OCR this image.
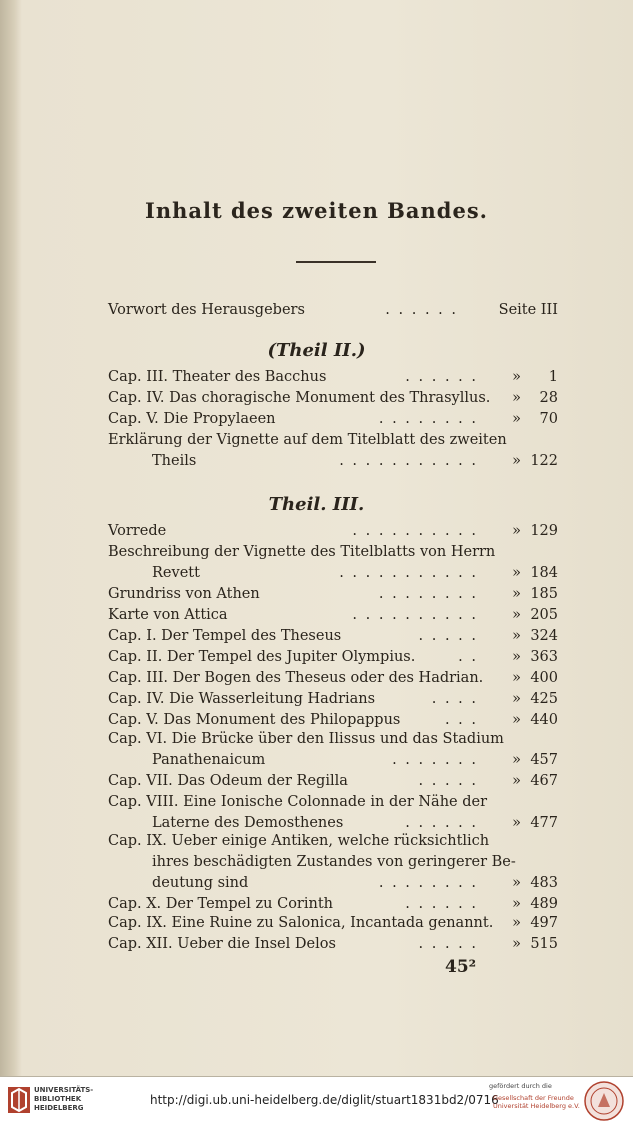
Inhalt des zweiten Bandes.
Vorwort des Herausgebers	. . . . . .	Seite III
(Theil II.)
Cap. III. Theater des Bacchus	. . . . . . » 1
Cap. IV. Das choragische Monument des Thrasyllus. » 28
Cap. V. Die Propylaeen	. . . . . . . . » 70
Erklärung der Vignette auf dem Titelblatt des zweiten
Theils	. . . . . . . . . . . » 122
Theil. III.
Vorrede	. . . . . . . . . . » 129
Beschreibung der Vignette des Titelblatts von Herrn
Revett	. . . . . . . . . . . » 184
Grundriss von Athen	. . . . . . . . » 185
Karte von Attica	. . . . . . . . . . » 205
Cap. I. Der Tempel des Theseus	. . . . . » 324
Cap. II. Der Tempel des Jupiter Olympius.	. . » 363
Cap. III. Der Bogen des Theseus oder des Hadrian. » 400
Cap. IV. Die Wasserleitung Hadrians	. . . . » 425
Cap. V. Das Monument des Philopappus	. . . » 440
Cap. VI. Die Brücke über den Ilissus und das Stadium
Panathenaicum	. . . . . . . » 457
Cap. VII. Das Odeum der Regilla	. . . . . » 467
Cap. VIII. Eine Ionische Colonnade in der Nähe der
Laterne des Demosthenes	. . . . . . » 477
Cap. IX. Ueber einige Antiken, welche rücksichtlich
ihres beschädigten Zustandes von geringerer Be-
deutung sind	. . . . . . . . » 483
Cap. X. Der Tempel zu Corinth	. . . . . . » 489
Cap. IX. Eine Ruine zu Salonica, Incantada genannt. » 497
Cap. XII. Ueber die Insel Delos	. . . . . » 515
45²
UNIVERSITÄTS-
BIBLIOTHEK
HEIDELBERG
http://digi.ub.uni-heidelberg.de/diglit/stuart1831bd2/0716
gefördert durch die
Gesellschaft der Freunde
Universität Heidelberg e.V.
